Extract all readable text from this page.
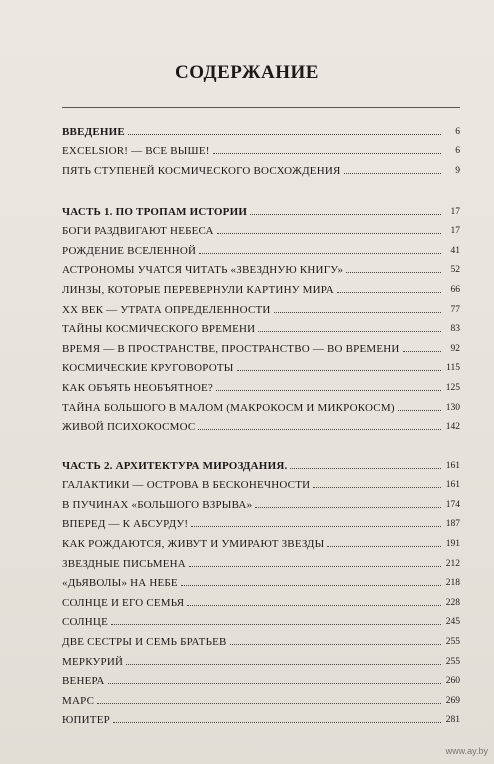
СОДЕРЖАНИЕ
ВВЕДЕНИЕ	6
EXCELSIOR! — ВСЕ ВЫШЕ!	6
ПЯТЬ СТУПЕНЕЙ КОСМИЧЕСКОГО ВОСХОЖДЕНИЯ	9
ЧАСТЬ 1. ПО ТРОПАМ ИСТОРИИ	17
БОГИ РАЗДВИГАЮТ НЕБЕСА	17
РОЖДЕНИЕ ВСЕЛЕННОЙ	41
АСТРОНОМЫ УЧАТСЯ ЧИТАТЬ «ЗВЕЗДНУЮ КНИГУ»	52
ЛИНЗЫ, КОТОРЫЕ ПЕРЕВЕРНУЛИ КАРТИНУ МИРА	66
XX ВЕК — УТРАТА ОПРЕДЕЛЕННОСТИ	77
ТАЙНЫ КОСМИЧЕСКОГО ВРЕМЕНИ	83
ВРЕМЯ — В ПРОСТРАНСТВЕ, ПРОСТРАНСТВО — ВО ВРЕМЕНИ	92
КОСМИЧЕСКИЕ КРУГОВОРОТЫ	115
КАК ОБЪЯТЬ НЕОБЪЯТНОЕ?	125
ТАЙНА БОЛЬШОГО В МАЛОМ (МАКРОКОСМ И МИКРОКОСМ)	130
ЖИВОЙ ПСИХОКОСМОС	142
ЧАСТЬ 2. АРХИТЕКТУРА МИРОЗДАНИЯ.	161
ГАЛАКТИКИ — ОСТРОВА В БЕСКОНЕЧНОСТИ	161
В ПУЧИНАХ «БОЛЬШОГО ВЗРЫВА»	174
ВПЕРЕД — К АБСУРДУ!	187
КАК РОЖДАЮТСЯ, ЖИВУТ И УМИРАЮТ ЗВЕЗДЫ	191
ЗВЕЗДНЫЕ ПИСЬМЕНА	212
«ДЬЯВОЛЫ» НА НЕБЕ	218
СОЛНЦЕ И ЕГО СЕМЬЯ	228
СОЛНЦЕ	245
ДВЕ СЕСТРЫ И СЕМЬ БРАТЬЕВ	255
МЕРКУРИЙ	255
ВЕНЕРА	260
МАРС	269
ЮПИТЕР	281
www.ay.by
